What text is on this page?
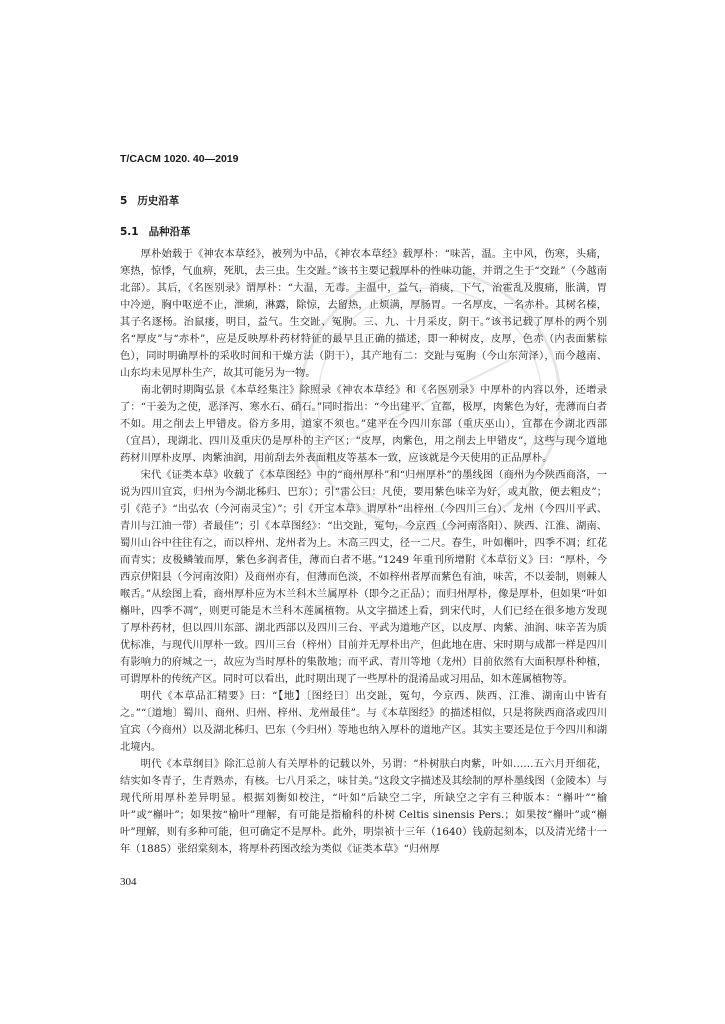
T/CACM 1020. 40—2019
5 历史沿革
5.1 品种沿革

厚朴始载于《神农本草经》，被列为中品，《神农本草经》载厚朴：“味苦，温。主中风，伤寒，头痛，寒热，惊悸，气血痹，死肌，去三虫。生交趾。”该书主要记载厚朴的性味功能，并谓之生于“交趾”（今越南北部）。其后，《名医别录》谓厚朴：“大温，无毒。主温中，益气，消痰，下气，治霍乱及腹痛，胀满，胃中冷逆，胸中呕逆不止，泄痢，淋露，除惊，去留热，止烦满，厚肠胃。一名厚皮，一名赤朴。其树名榛，其子名逐杨。治鼠瘘，明目，益气。生交趾、冤朐。三、九、十月采皮，阴干。”该书记载了厚朴的两个别名“厚皮”与“赤朴”，应是反映厚朴药材特征的最早且正确的描述，即一种树皮，皮厚，色赤（内表面紫棕色），同时明确厚朴的采收时间和干燥方法（阴干），其产地有二：交趾与冤朐（今山东菏泽），而今越南、山东均未见厚朴生产，故其可能另为一物。

南北朝时期陶弘景《本草经集注》除照录《神农本草经》和《名医别录》中厚朴的内容以外，还增录了：“干姜为之使，恶泽泻、寒水石、硝石。”同时指出：“今出建平、宜都，极厚，肉紫色为好，壳薄而白者不如。用之削去上甲错皮。俗方多用，道家不须也。”建平在今四川东部（重庆巫山），宜都在今湖北西部（宜昌），现湖北、四川及重庆仍是厚朴的主产区；“皮厚，肉紫色，用之削去上甲错皮”，这些与现今道地药材川厚朴皮厚、肉紫油润，用前刮去外表面粗皮等基本一致，应该就是今天使用的正品厚朴。

宋代《证类本草》收载了《本草图经》中的“商州厚朴”和“归州厚朴”的墨线图（商州为今陕西商洛，一说为四川宜宾，归州为今湖北秭归、巴东）；引“雷公曰：凡使，要用紫色味辛为好，或丸散，便去粗皮”；引《范子》“出弘农（今河南灵宝）”；引《开宝本草》谓厚朴“出梓州（今四川三台）、龙州（今四川平武、青川与江油一带）者最佳”；引《本草图经》：“出交趾，冤句，今京西（今河南洛阳）、陕西、江淮、湖南、蜀川山谷中往往有之，而以梓州、龙州者为上。木高三四丈，径一二尺。春生，叶如槲叶，四季不凋；红花而青实；皮极鳞皱而厚，紫色多润者佳，薄而白者不堪。”1249 年重刊所增附《本草衍义》曰：“厚朴，今西京伊阳县（今河南汝阳）及商州亦有，但薄而色淡，不如梓州者厚而紫色有油，味苦，不以姜制，则棘人喉舌。”从绘图上看，商州厚朴应为木兰科木兰属厚朴（即今之正品）；而归州厚朴，像是厚朴，但如果“叶如槲叶，四季不凋”，则更可能是木兰科木莲属植物。从文字描述上看，到宋代时，人们已经在很多地方发现了厚朴药材，但以四川东部、湖北西部以及四川三台、平武为道地产区，以皮厚、肉紫、油润、味辛苦为质优标准，与现代川厚朴一致。四川三台（梓州）目前并无厚朴出产，但此地在唐、宋时期与成都一样是四川有影响力的府城之一，故应为当时厚朴的集散地；而平武、青川等地（龙州）目前依然有大面积厚朴种植，可谓厚朴的传统产区。同时可以看出，此时期出现了一些厚朴的混淆品或习用品，如木莲属植物等。

明代《本草品汇精要》曰：“【地】〔图经曰〕出交趾，冤句，今京西、陕西、江淮、湖南山中皆有之。”“〔道地〕蜀川、商州、归州、梓州、龙州最佳”。与《本草图经》的描述相似，只是将陕西商洛或四川宜宾（今商州）以及湖北秭归、巴东（今归州）等地也纳入厚朴的道地产区。其实主要还是位于今四川和湖北境内。

明代《本草纲目》除汇总前人有关厚朴的记载以外，另谓：“朴树肤白肉紫，叶如……五六月开细花，结实如冬青子，生青熟赤，有核。七八月采之，味甘美。”这段文字描述及其绘制的厚朴墨线图（金陵本）与现代所用厚朴差异明显。根据刘衡如校注，“叶如”后缺空二字，所缺空之字有三种版本：“槲叶”“榆叶”或“槲叶”；如果按“榆叶”理解，有可能是指榆科的朴树 Celtis sinensis Pers.；如果按“槲叶”或“槲叶”理解，则有多种可能，但可确定不是厚朴。此外，明崇祯十三年（1640）钱蔚起刻本，以及清光绪十一年（1885）张绍棠刻本，将厚朴药图改绘为类似《证类本草》“归州厚

304
